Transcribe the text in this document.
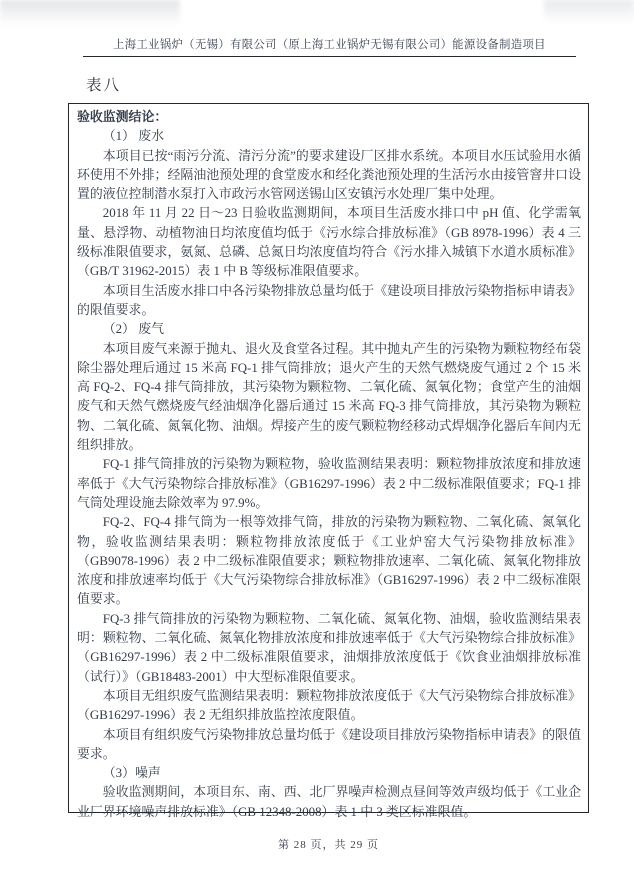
上海工业锅炉（无锡）有限公司（原上海工业锅炉无锡有限公司）能源设备制造项目
表八

验收监测结论：

（1） 废水

本项目已按“雨污分流、清污分流”的要求建设厂区排水系统。本项目水压试验用水循环使用不外排；经隔油池预处理的食堂废水和经化粪池预处理的生活污水由接管窨井口设置的液位控制潜水泵打入市政污水管网送锡山区安镇污水处理厂集中处理。

2018 年 11 月 22 日～23 日验收监测期间，本项目生活废水排口中 pH 值、化学需氧量、悬浮物、动植物油日均浓度值均低于《污水综合排放标准》（GB 8978-1996）表 4 三级标准限值要求，氨氮、总磷、总氮日均浓度值均符合《污水排入城镇下水道水质标准》（GB/T 31962-2015）表 1 中 B 等级标准限值要求。

本项目生活废水排口中各污染物排放总量均低于《建设项目排放污染物指标申请表》的限值要求。

（2） 废气

本项目废气来源于抛丸、退火及食堂各过程。其中抛丸产生的污染物为颗粒物经布袋除尘器处理后通过 15 米高 FQ-1 排气筒排放；退火产生的天然气燃烧废气通过 2 个 15 米高 FQ-2、FQ-4 排气筒排放，其污染物为颗粒物、二氧化硫、氮氧化物；食堂产生的油烟废气和天然气燃烧废气经油烟净化器后通过 15 米高 FQ-3 排气筒排放，其污染物为颗粒物、二氧化硫、氮氧化物、油烟。焊接产生的废气颗粒物经移动式焊烟净化器后车间内无组织排放。

FQ-1 排气筒排放的污染物为颗粒物，验收监测结果表明：颗粒物排放浓度和排放速率低于《大气污染物综合排放标准》（GB16297-1996）表 2 中二级标准限值要求；FQ-1 排气筒处理设施去除效率为 97.9%。

FQ-2、FQ-4 排气筒为一根等效排气筒，排放的污染物为颗粒物、二氧化硫、氮氧化物，验收监测结果表明：颗粒物排放浓度低于《工业炉窑大气污染物排放标准》（GB9078-1996）表 2 中二级标准限值要求；颗粒物排放速率、二氧化硫、氮氧化物排放浓度和排放速率均低于《大气污染物综合排放标准》（GB16297-1996）表 2 中二级标准限值要求。

FQ-3 排气筒排放的污染物为颗粒物、二氧化硫、氮氧化物、油烟，验收监测结果表明：颗粒物、二氧化硫、氮氧化物排放浓度和排放速率低于《大气污染物综合排放标准》（GB16297-1996）表 2 中二级标准限值要求，油烟排放浓度低于《饮食业油烟排放标准（试行）》（GB18483-2001）中大型标准限值要求。

本项目无组织废气监测结果表明：颗粒物排放浓度低于《大气污染物综合排放标准》（GB16297-1996）表 2 无组织排放监控浓度限值。

本项目有组织废气污染物排放总量均低于《建设项目排放污染物指标申请表》的限值要求。

（3）噪声

验收监测期间，本项目东、南、西、北厂界噪声检测点昼间等效声级均低于《工业企业厂界环境噪声排放标准》（GB 12348-2008）表 1 中 3 类区标准限值。

第 28 页，共 29 页
